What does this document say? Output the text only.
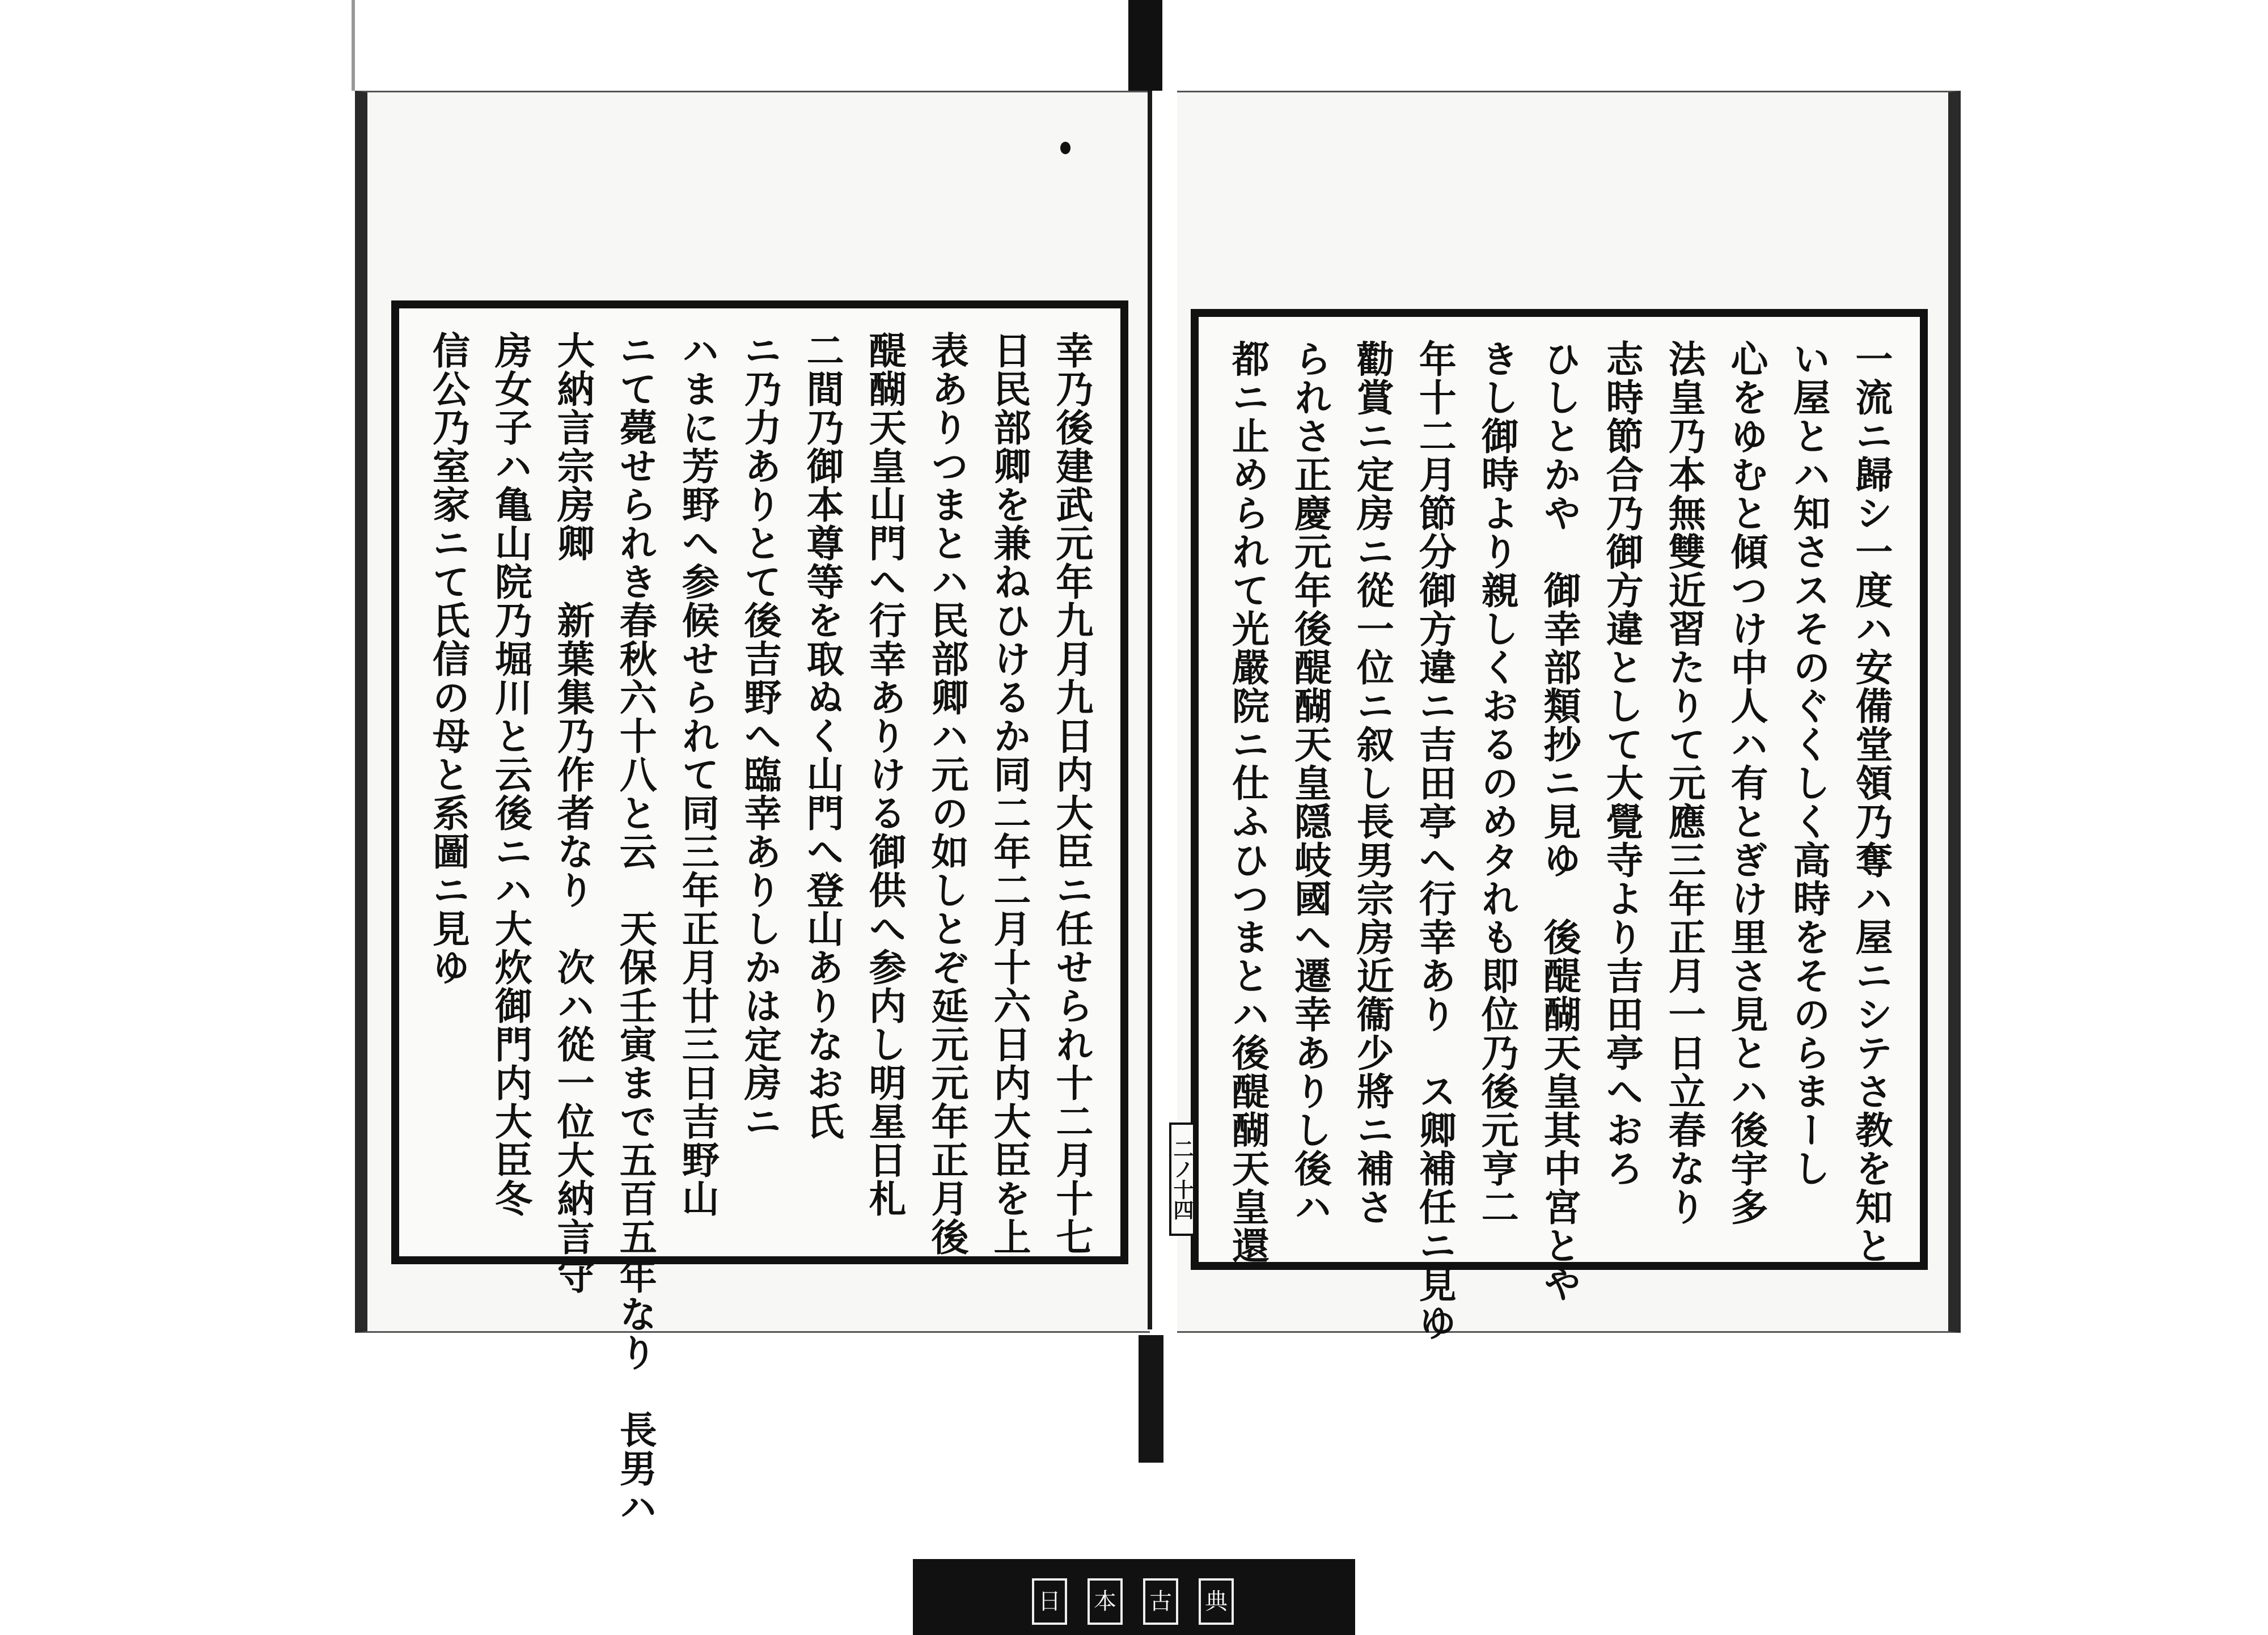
一流ニ歸シ一度ハ安備堂領乃奪ハ屋ニシテさ教を知と
い屋とハ知さスそのぐくしく高時をそのらまーし
心をゆむと傾つけ中人ハ有とぎけ里さ見とハ後宇多
法皇乃本無雙近習たりて元應三年正月一日立春なり
志時節合乃御方違として大覺寺より吉田亭へおろ
ひしとかや　御幸部類抄ニ見ゆ　後醍醐天皇其中宮とや
きし御時より親しくおるのめタれも即位乃後元亨二
年十二月節分御方違ニ吉田亭へ行幸あり　ス卿補任ニ見ゆ
勸賞ニ定房ニ從一位ニ叙し長男宗房近衞少將ニ補さ
られさ正慶元年後醍醐天皇隠岐國へ遷幸ありし後ハ
都ニ止められて光嚴院ニ仕ふひつまとハ後醍醐天皇還
二ノ十四
幸乃後建武元年九月九日内大臣ニ任せられ十二月十七
日民部卿を兼ねひけるか同二年二月十六日内大臣を上
表ありつまとハ民部卿ハ元の如しとぞ延元元年正月後
醍醐天皇山門へ行幸ありける御供へ参内し明星日札
二間乃御本尊等を取ぬく山門へ登山ありなお氏
ニ乃力ありとて後吉野へ臨幸ありしかは定房ニ
ハまに芳野へ参候せられて同三年正月廿三日吉野山
ニて薨せられき春秋六十八と云　天保壬寅まで五百五年なり　長男ハ
大納言宗房卿　新葉集乃作者なり　次ハ從一位大納言守
房女子ハ亀山院乃堀川と云後ニハ大炊御門内大臣冬
信公乃室家ニて氏信の母と系圖ニ見ゆ
日 本 古 典
